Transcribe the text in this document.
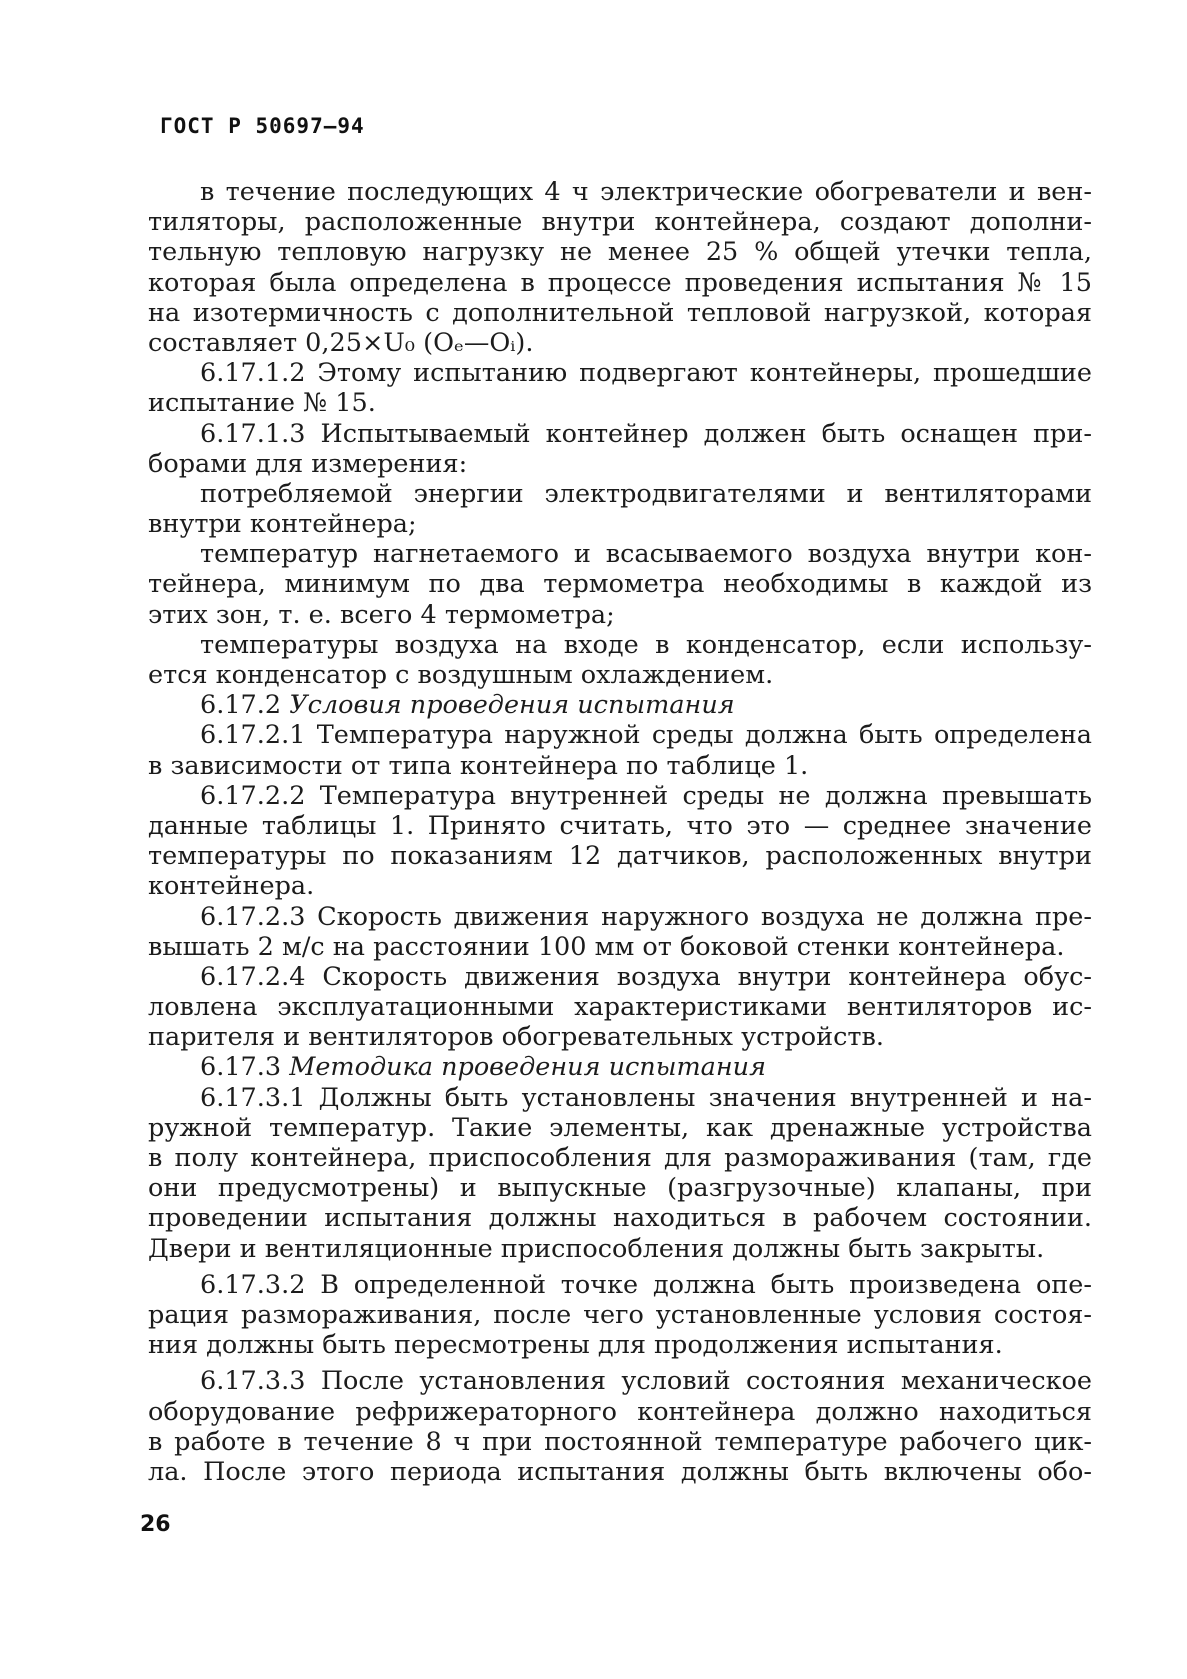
ГОСТ Р 50697—94
в течение последующих 4 ч электрические обогреватели и вен-
тиляторы, расположенные внутри контейнера, создают дополни-
тельную тепловую нагрузку не менее 25 % общей утечки тепла,
которая была определена в процессе проведения испытания № 15
на изотермичность с дополнительной тепловой нагрузкой, которая
составляет 0,25×U₀ (Oₑ—Oᵢ).
6.17.1.2 Этому испытанию подвергают контейнеры, прошедшие
испытание № 15.
6.17.1.3 Испытываемый контейнер должен быть оснащен при-
борами для измерения:
потребляемой энергии электродвигателями и вентиляторами
внутри контейнера;
температур нагнетаемого и всасываемого воздуха внутри кон-
тейнера, минимум по два термометра необходимы в каждой из
этих зон, т. е. всего 4 термометра;
температуры воздуха на входе в конденсатор, если использу-
ется конденсатор с воздушным охлаждением.
6.17.2 Условия проведения испытания
6.17.2.1 Температура наружной среды должна быть определена
в зависимости от типа контейнера по таблице 1.
6.17.2.2 Температура внутренней среды не должна превышать
данные таблицы 1. Принято считать, что это — среднее значение
температуры по показаниям 12 датчиков, расположенных внутри
контейнера.
6.17.2.3 Скорость движения наружного воздуха не должна пре-
вышать 2 м/с на расстоянии 100 мм от боковой стенки контейнера.
6.17.2.4 Скорость движения воздуха внутри контейнера обус-
ловлена эксплуатационными характеристиками вентиляторов ис-
парителя и вентиляторов обогревательных устройств.
6.17.3 Методика проведения испытания
6.17.3.1 Должны быть установлены значения внутренней и на-
ружной температур. Такие элементы, как дренажные устройства
в полу контейнера, приспособления для размораживания (там, где
они предусмотрены) и выпускные (разгрузочные) клапаны, при
проведении испытания должны находиться в рабочем состоянии.
Двери и вентиляционные приспособления должны быть закрыты.
6.17.3.2 В определенной точке должна быть произведена опе-
рация размораживания, после чего установленные условия состоя-
ния должны быть пересмотрены для продолжения испытания.
6.17.3.3 После установления условий состояния механическое
оборудование рефрижераторного контейнера должно находиться
в работе в течение 8 ч при постоянной температуре рабочего цик-
ла. После этого периода испытания должны быть включены обо-
26
